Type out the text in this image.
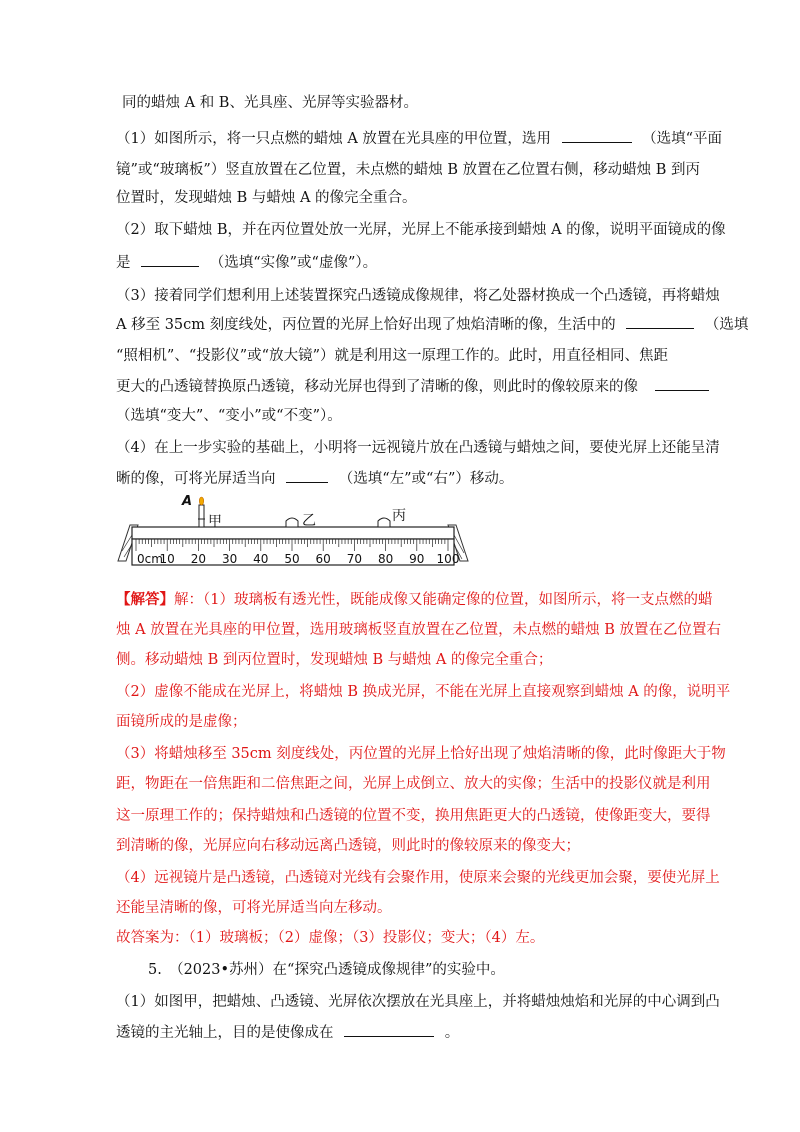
同的蜡烛 A 和 B、光具座、光屏等实验器材。
（1）如图所示，将一只点燃的蜡烛 A 放置在光具座的甲位置，选用	（选填“平面
镜”或“玻璃板”）竖直放置在乙位置，未点燃的蜡烛 B 放置在乙位置右侧，移动蜡烛 B 到丙
位置时，发现蜡烛 B 与蜡烛 A 的像完全重合。
（2）取下蜡烛 B，并在丙位置处放一光屏，光屏上不能承接到蜡烛 A 的像，说明平面镜成的像
是	（选填“实像”或“虚像”）。
（3）接着同学们想利用上述装置探究凸透镜成像规律，将乙处器材换成一个凸透镜，再将蜡烛
A 移至 35cm 刻度线处，丙位置的光屏上恰好出现了烛焰清晰的像，生活中的	（选填
“照相机”、“投影仪”或“放大镜”）就是利用这一原理工作的。此时，用直径相同、焦距
更大的凸透镜替换原凸透镜，移动光屏也得到了清晰的像，则此时的像较原来的像
（选填“变大”、“变小”或“不变”）。
（4）在上一步实验的基础上，小明将一远视镜片放在凸透镜与蜡烛之间，要使光屏上还能呈清
晰的像，可将光屏适当向	（选填“左”或“右”）移动。
A
甲	乙	丙
0cm
10 20 30 40 50 60 70 80 90 100
【解答】解：（1）玻璃板有透光性，既能成像又能确定像的位置，如图所示，将一支点燃的蜡
烛 A 放置在光具座的甲位置，选用玻璃板竖直放置在乙位置，未点燃的蜡烛 B 放置在乙位置右
侧。移动蜡烛 B 到丙位置时，发现蜡烛 B 与蜡烛 A 的像完全重合；
（2）虚像不能成在光屏上，将蜡烛 B 换成光屏，不能在光屏上直接观察到蜡烛 A 的像，说明平
面镜所成的是虚像；
（3）将蜡烛移至 35cm 刻度线处，丙位置的光屏上恰好出现了烛焰清晰的像，此时像距大于物
距，物距在一倍焦距和二倍焦距之间，光屏上成倒立、放大的实像；生活中的投影仪就是利用
这一原理工作的；保持蜡烛和凸透镜的位置不变，换用焦距更大的凸透镜，使像距变大，要得
到清晰的像，光屏应向右移动远离凸透镜，则此时的像较原来的像变大；
（4）远视镜片是凸透镜，凸透镜对光线有会聚作用，使原来会聚的光线更加会聚，要使光屏上
还能呈清晰的像，可将光屏适当向左移动。
故答案为：（1）玻璃板；（2）虚像；（3）投影仪；变大；（4）左。
5.　（2023•苏州）在“探究凸透镜成像规律”的实验中。
（1）如图甲，把蜡烛、凸透镜、光屏依次摆放在光具座上，并将蜡烛烛焰和光屏的中心调到凸
透镜的主光轴上，目的是使像成在	。
